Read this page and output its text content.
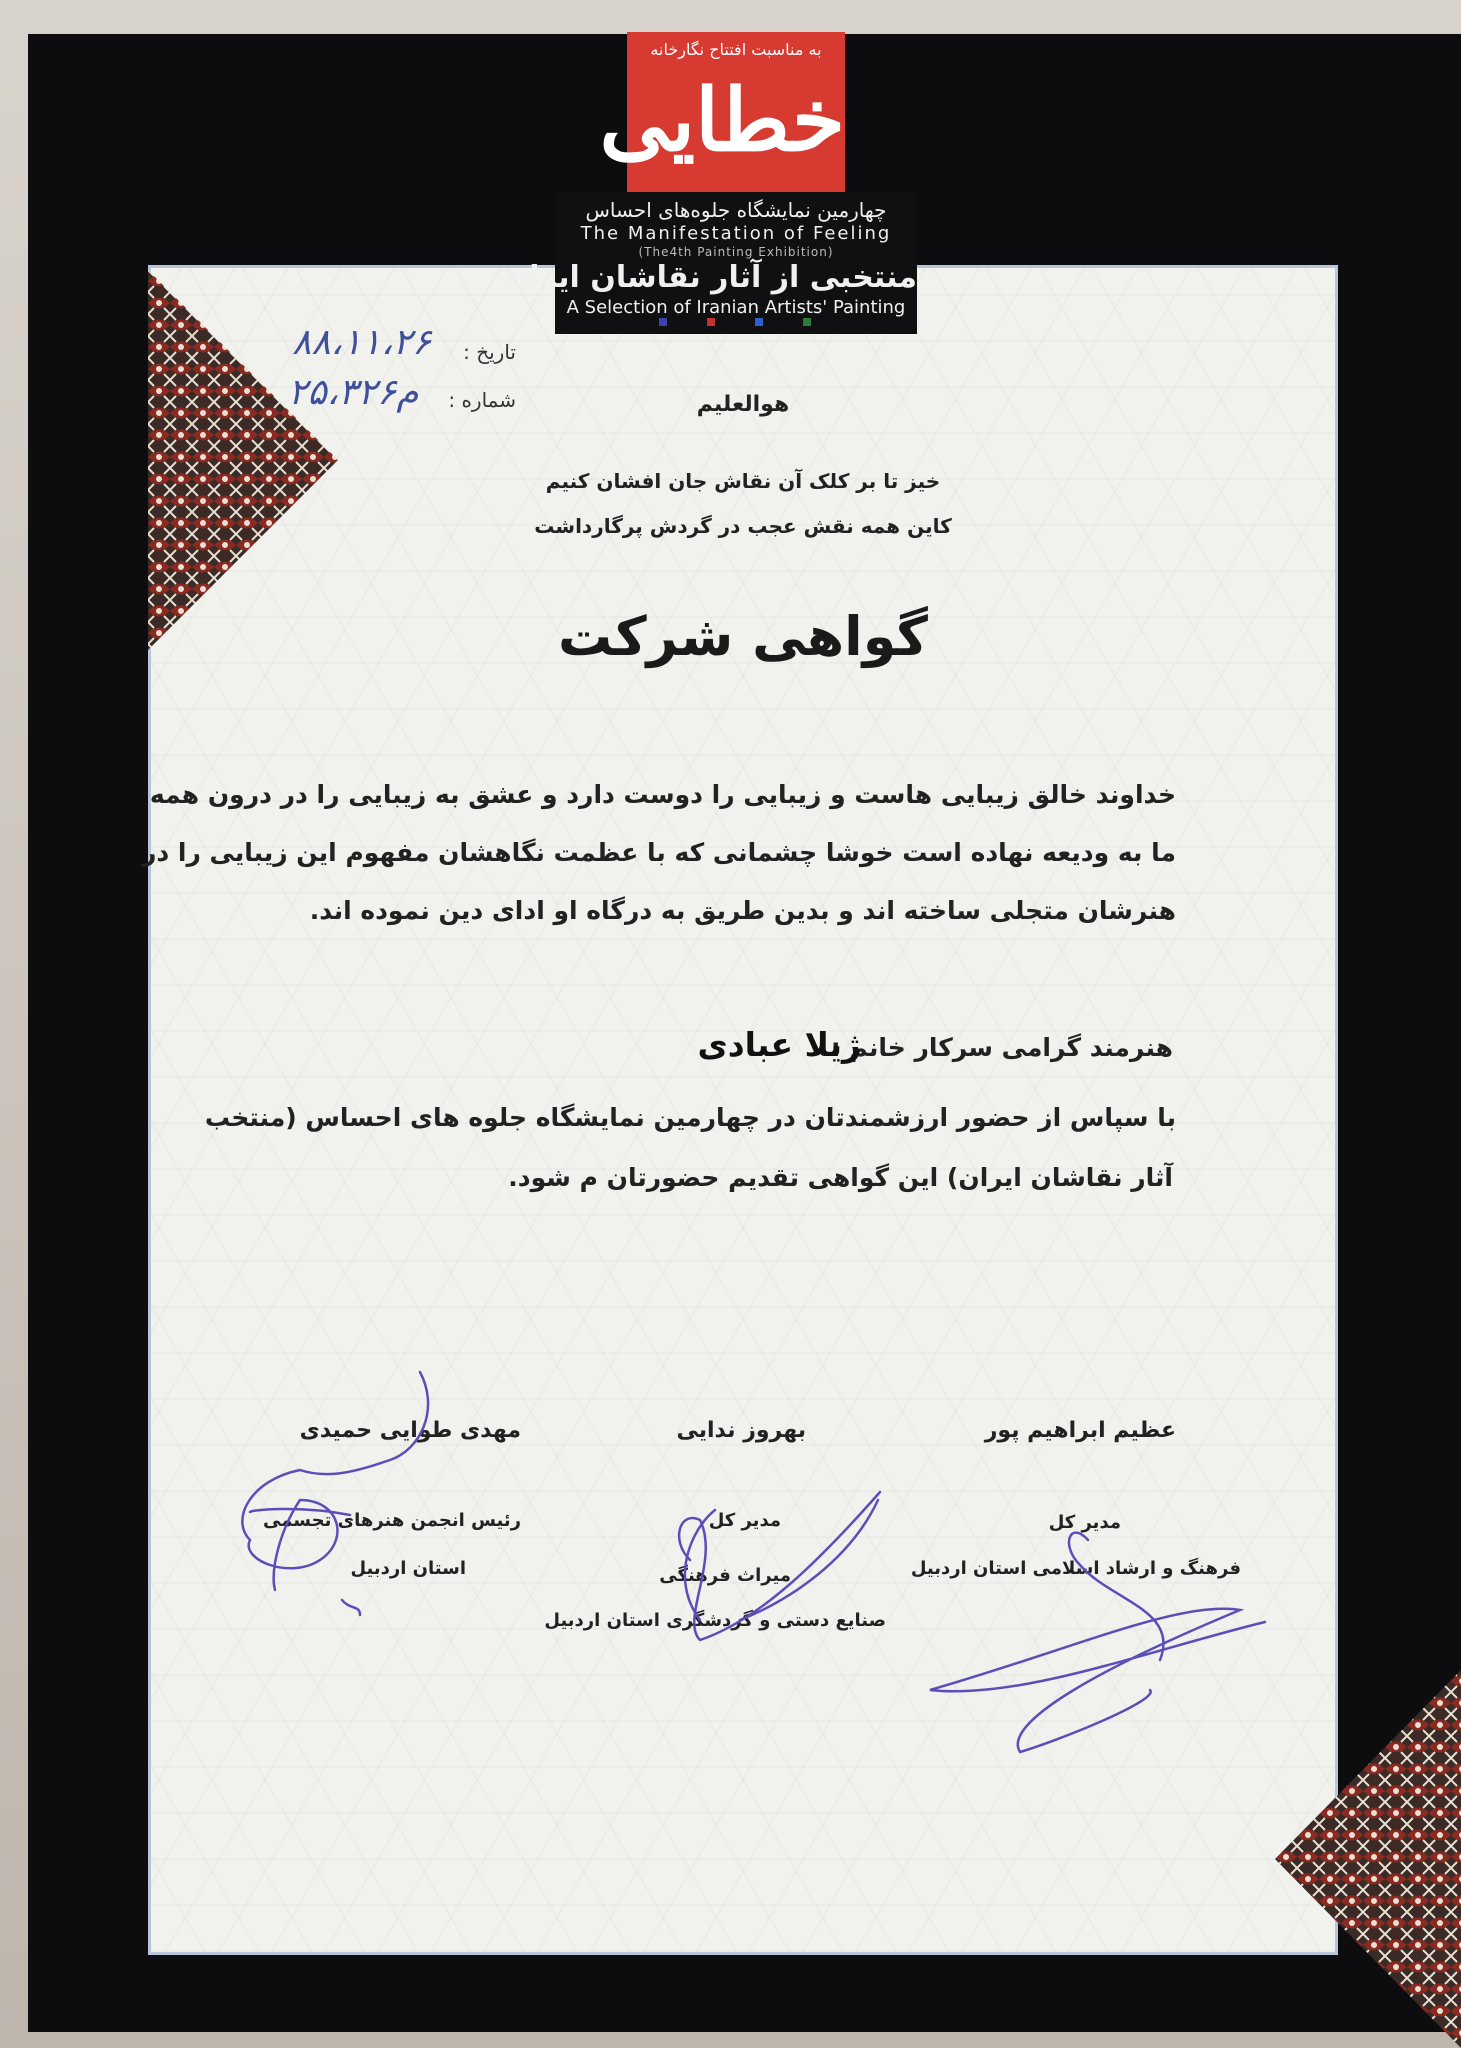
به مناسبت افتتاح نگارخانه
خطایی
چهارمین نمایشگاه جلوه‌های احساس
The Manifestation of Feeling
(The4th Painting Exhibition)
منتخبی از آثار نقاشان ایران
A Selection of Iranian Artists' Painting
تاریخ :
۸۸،۱۱،۲۶
شماره :
۲۵،۳۲۶م	هوالعلیم
خیز تا بر کلک آن نقاش جان افشان کنیم
کاین همه نقش عجب در گردش پرگارداشت
گواهی شرکت
خداوند خالق زیبایی هاست و زیبایی را دوست دارد و عشق به زیبایی را در درون همه
ما به ودیعه نهاده است خوشا چشمانی که با عظمت نگاهشان مفهوم این زیبایی را در
هنرشان متجلی ساخته اند و بدین طریق به درگاه او ادای دین نموده اند.
هنرمند گرامی سرکار خانم :
ژیلا عبادی
با سپاس از حضور ارزشمندتان در چهارمین نمایشگاه جلوه های احساس (منتخب
آثار نقاشان ایران) این گواهی تقدیم حضورتان م شود.
عظیم ابراهیم پور
مدیر کل
فرهنگ و ارشاد اسلامی استان اردبیل
بهروز ندایی
مدیر کل
میراث فرهنگی
صنایع دستی و گردشگری استان اردبیل
مهدی طوایی حمیدی
رئیس انجمن هنرهای تجسمی
استان اردبیل
